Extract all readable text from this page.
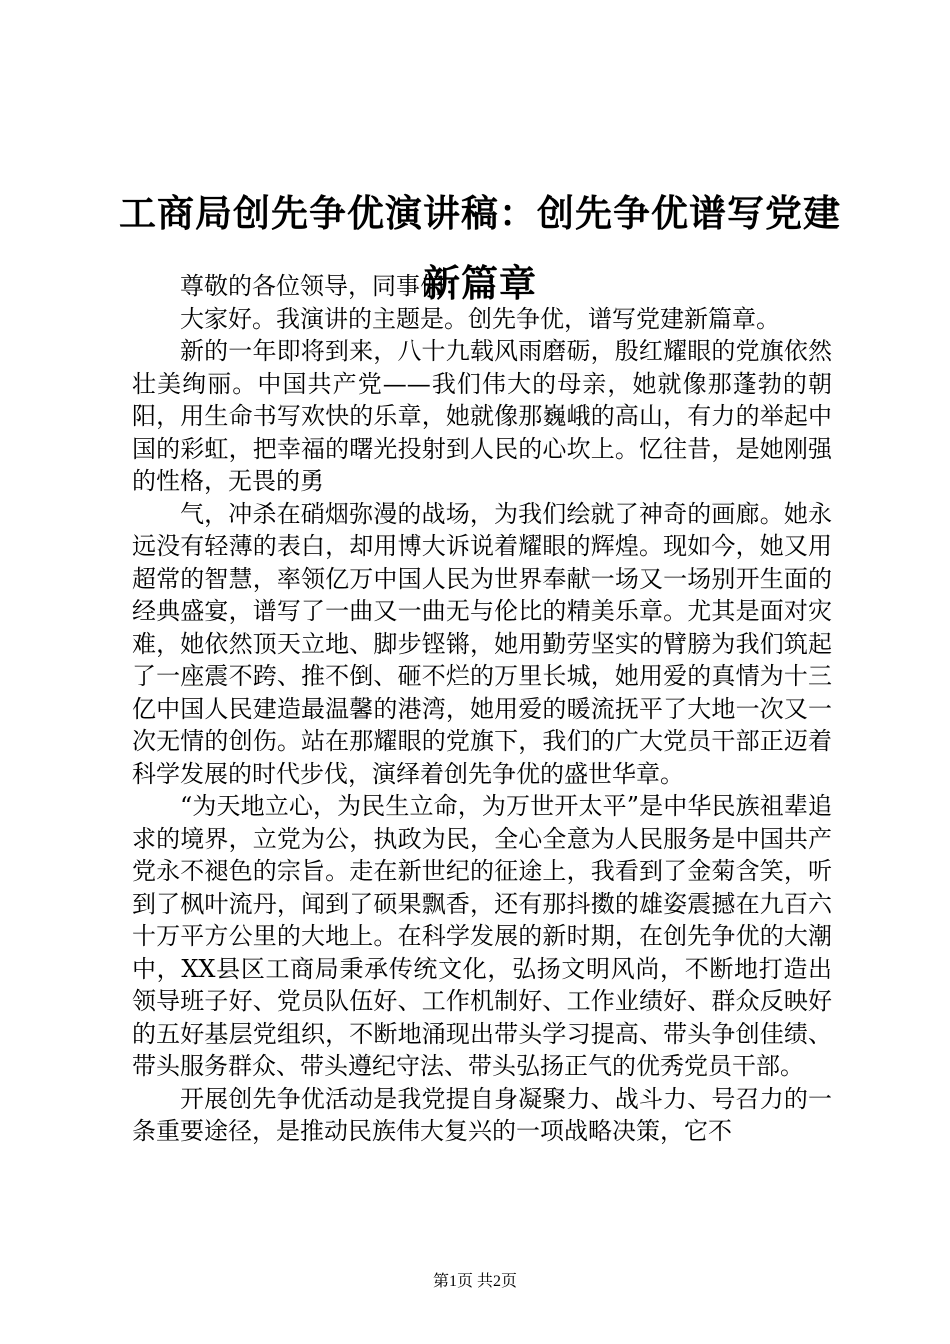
工商局创先争优演讲稿：创先争优谱写党建新篇章

尊敬的各位领导，同事们：

大家好。我演讲的主题是。创先争优，谱写党建新篇章。

新的一年即将到来，八十九载风雨磨砺，殷红耀眼的党旗依然壮美绚丽。中国共产党——我们伟大的母亲，她就像那蓬勃的朝阳，用生命书写欢快的乐章，她就像那巍峨的高山，有力的举起中国的彩虹，把幸福的曙光投射到人民的心坎上。忆往昔，是她刚强的性格，无畏的勇

气，冲杀在硝烟弥漫的战场，为我们绘就了神奇的画廊。她永远没有轻薄的表白，却用博大诉说着耀眼的辉煌。现如今，她又用超常的智慧，率领亿万中国人民为世界奉献一场又一场别开生面的经典盛宴，谱写了一曲又一曲无与伦比的精美乐章。尤其是面对灾难，她依然顶天立地、脚步铿锵，她用勤劳坚实的臂膀为我们筑起了一座震不跨、推不倒、砸不烂的万里长城，她用爱的真情为十三亿中国人民建造最温馨的港湾，她用爱的暖流抚平了大地一次又一次无情的创伤。站在那耀眼的党旗下，我们的广大党员干部正迈着科学发展的时代步伐，演绎着创先争优的盛世华章。

“为天地立心，为民生立命，为万世开太平”是中华民族祖辈追求的境界，立党为公，执政为民，全心全意为人民服务是中国共产党永不褪色的宗旨。走在新世纪的征途上，我看到了金菊含笑，听到了枫叶流丹，闻到了硕果飘香，还有那抖擞的雄姿震撼在九百六十万平方公里的大地上。在科学发展的新时期，在创先争优的大潮中，XX县区工商局秉承传统文化，弘扬文明风尚，不断地打造出领导班子好、党员队伍好、工作机制好、工作业绩好、群众反映好的五好基层党组织，不断地涌现出带头学习提高、带头争创佳绩、带头服务群众、带头遵纪守法、带头弘扬正气的优秀党员干部。

开展创先争优活动是我党提自身凝聚力、战斗力、号召力的一条重要途径，是推动民族伟大复兴的一项战略决策，它不

第1页 共2页
